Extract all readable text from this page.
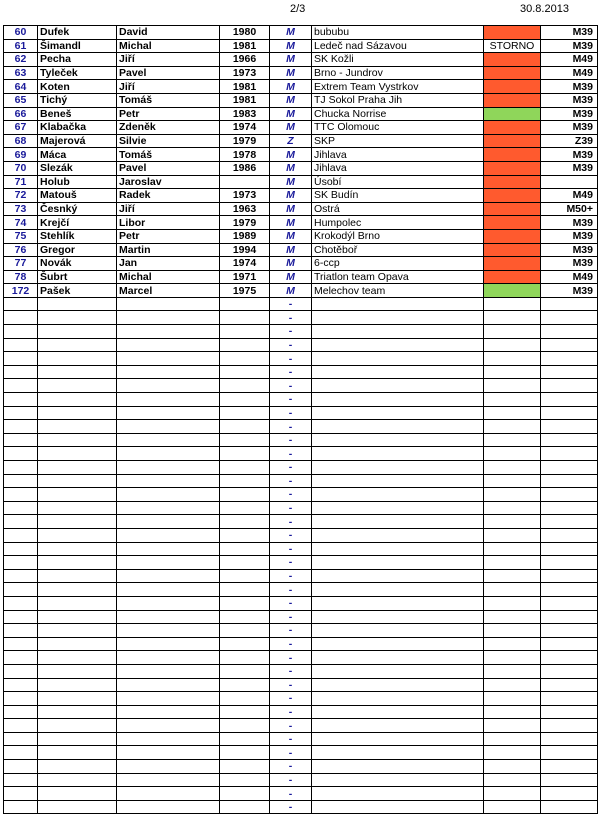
2/3	30.8.2013
60	Dufek	David	1980	M	bububu		M39
61	Šimandl	Michal	1981	M	Ledeč nad Sázavou	STORNO	M39
62	Pecha	Jiří	1966	M	SK Kožli		M49
63	Tyleček	Pavel	1973	M	Brno - Jundrov		M49
64	Koten	Jiří	1981	M	Extrem Team Vystrkov		M39
65	Tichý	Tomáš	1981	M	TJ Sokol Praha Jih		M39
66	Beneš	Petr	1983	M	Chucka Norrise		M39
67	Klabačka	Zdeněk	1974	M	TTC Olomouc		M39
68	Majerová	Silvie	1979	Z	SKP		Z39
69	Máca	Tomáš	1978	M	Jihlava		M39
70	Slezák	Pavel	1986	M	Jihlava		M39
71	Holub	Jaroslav		M	Úsobí		
72	Matouš	Radek	1973	M	SK Budín		M49
73	Česnký	Jiří	1963	M	Ostrá		M50+
74	Krejčí	Libor	1979	M	Humpolec		M39
75	Stehlík	Petr	1989	M	Krokodýl Brno		M39
76	Gregor	Martin	1994	M	Chotěboř		M39
77	Novák	Jan	1974	M	6-ccp		M39
78	Šubrt	Michal	1971	M	Triatlon team Opava		M49
172	Pašek	Marcel	1975	M	Melechov team		M39
				-			
				-			
				-			
				-			
				-			
				-			
				-			
				-			
				-			
				-			
				-			
				-			
				-			
				-			
				-			
				-			
				-			
				-			
				-			
				-			
				-			
				-			
				-			
				-			
				-			
				-			
				-			
				-			
				-			
				-			
				-			
				-			
				-			
				-			
				-			
				-			
				-			
				-			
